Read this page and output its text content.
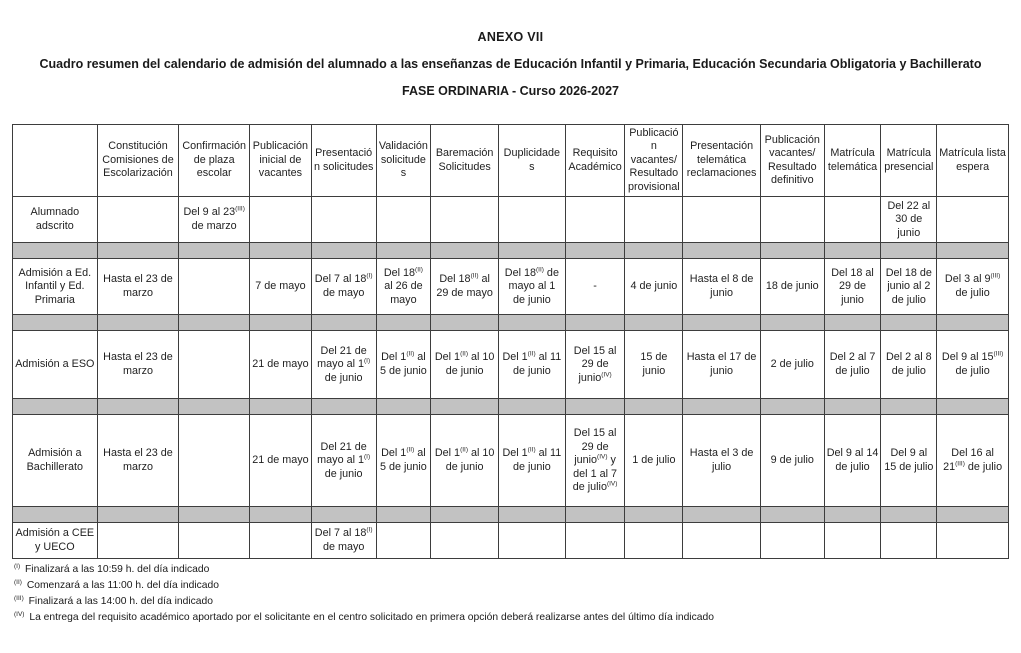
ANEXO VII
Cuadro resumen del calendario de admisión del alumnado a las enseñanzas de Educación Infantil y Primaria, Educación Secundaria Obligatoria y Bachillerato
FASE ORDINARIA - Curso 2026-2027
	Constitución Comisiones de Escolarización	Confirmación de plaza escolar	Publicación inicial de vacantes	Presentación solicitudes	Validación solicitudes	Baremación Solicitudes	Duplicidades	Requisito Académico	Publicación vacantes/ Resultado provisional	Presentación telemática reclamaciones	Publicación vacantes/ Resultado definitivo	Matrícula telemática	Matrícula presencial	Matrícula lista espera
Alumnado adscrito		Del 9 al $23^{(III)}$ de marzo											Del 22 al 30 de junio	

Admisión a Ed. Infantil y Ed. Primaria	Hasta el 23 de marzo		7 de mayo	Del 7 al $18^{(I)}$ de mayo	Del $18^{(II)}$ al 26 de mayo	Del $18^{(II)}$ al 29 de mayo	Del $18^{(II)}$ de mayo al 1 de junio	-	4 de junio	Hasta el 8 de junio	18 de junio	Del 18 al 29 de junio	Del 18 de junio al 2 de julio	Del 3 al $9^{(III)}$ de julio

Admisión a ESO	Hasta el 23 de marzo		21 de mayo	Del 21 de mayo al $1^{(I)}$ de junio	Del $1^{(II)}$ al 5 de junio	Del $1^{(II)}$ al 10 de junio	Del $1^{(II)}$ al 11 de junio	Del 15 al 29 de junio$^{(IV)}$	15 de junio	Hasta el 17 de junio	2 de julio	Del 2 al 7 de julio	Del 2 al 8 de julio	Del 9 al $15^{(III)}$ de julio

Admisión a Bachillerato	Hasta el 23 de marzo		21 de mayo	Del 21 de mayo al $1^{(I)}$ de junio	Del $1^{(II)}$ al 5 de junio	Del $1^{(II)}$ al 10 de junio	Del $1^{(II)}$ al 11 de junio	Del 15 al 29 de junio$^{(IV)}$ y del 1 al 7 de julio$^{(IV)}$	1 de julio	Hasta el 3 de julio	9 de julio	Del 9 al 14 de julio	Del 9 al 15 de julio	Del 16 al $21^{(III)}$ de julio

Admisión a CEE y UECO				Del 7 al $18^{(I)}$ de mayo										
$^{(I)}$ Finalizará a las 10:59 h. del día indicado
$^{(II)}$ Comenzará a las 11:00 h. del día indicado
$^{(III)}$ Finalizará a las 14:00 h. del día indicado
$^{(IV)}$ La entrega del requisito académico aportado por el solicitante en el centro solicitado en primera opción deberá realizarse antes del último día indicado
